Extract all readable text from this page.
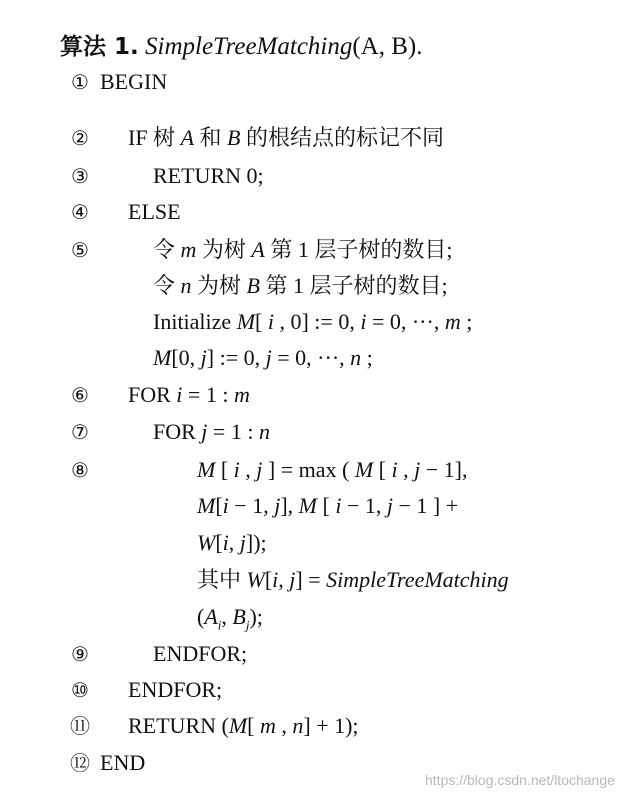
算法 1. SimpleTreeMatching(A, B).
① BEGIN
②	IF 树 A 和 B 的根结点的标记不同
③	RETURN 0;
④	ELSE
⑤	令 m 为树 A 第 1 层子树的数目;
令 n 为树 B 第 1 层子树的数目;
Initialize M[ i , 0] := 0, i = 0, ···, m ;
M[0, j] := 0, j = 0, ···, n ;
⑥	FOR i = 1 : m
⑦	FOR j = 1 : n
⑧	M [ i , j ] = max ( M [ i , j − 1],
M[i − 1, j], M [ i − 1, j − 1 ] +
W[i, j]);
其中 W[i, j] = SimpleTreeMatching
($A_i$, $B_j$);
⑨	ENDFOR;
⑩	ENDFOR;
⑪ RETURN (M[ m , n] + 1);
⑫ END
https://blog.csdn.net/ltochange
